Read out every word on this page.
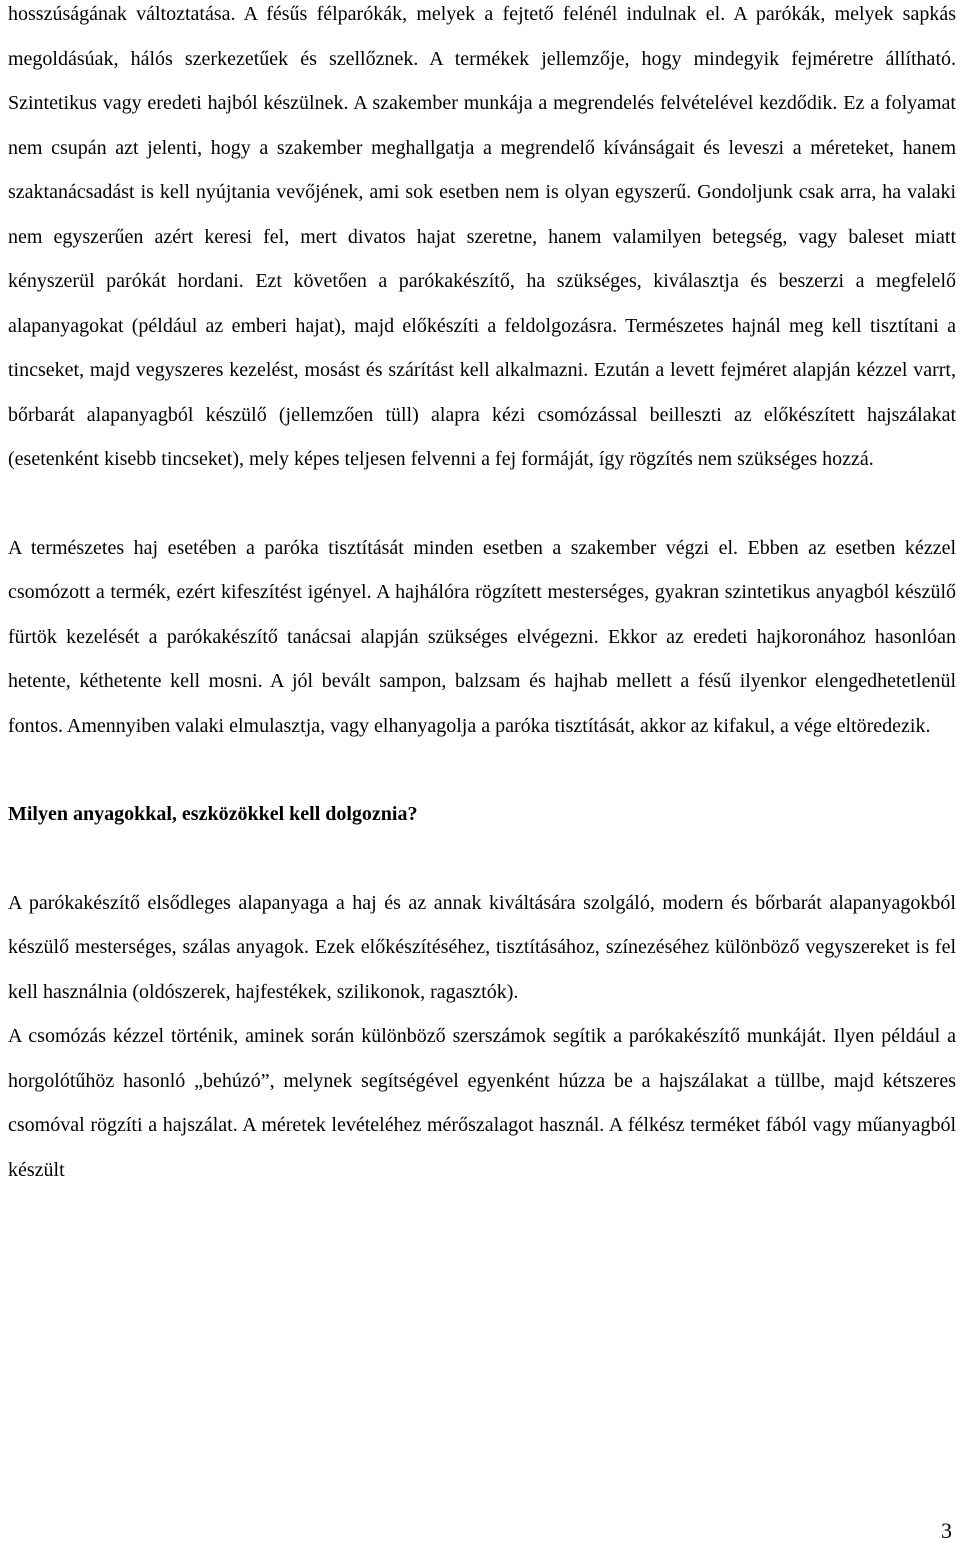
hosszúságának változtatása. A fésűs félparókák, melyek a fejtető felénél indulnak el. A parókák, melyek sapkás megoldásúak, hálós szerkezetűek és szellőznek. A termékek jellemzője, hogy mindegyik fejméretre állítható. Szintetikus vagy eredeti hajból készülnek. A szakember munkája a megrendelés felvételével kezdődik. Ez a folyamat nem csupán azt jelenti, hogy a szakember meghallgatja a megrendelő kívánságait és leveszi a méreteket, hanem szaktanácsadást is kell nyújtania vevőjének, ami sok esetben nem is olyan egyszerű. Gondoljunk csak arra, ha valaki nem egyszerűen azért keresi fel, mert divatos hajat szeretne, hanem valamilyen betegség, vagy baleset miatt kényszerül parókát hordani. Ezt követően a parókakészítő, ha szükséges, kiválasztja és beszerzi a megfelelő alapanyagokat (például az emberi hajat), majd előkészíti a feldolgozásra. Természetes hajnál meg kell tisztítani a tincseket, majd vegyszeres kezelést, mosást és szárítást kell alkalmazni. Ezután a levett fejméret alapján kézzel varrt, bőrbarát alapanyagból készülő (jellemzően tüll) alapra kézi csomózással beilleszti az előkészített hajszálakat (esetenként kisebb tincseket), mely képes teljesen felvenni a fej formáját, így rögzítés nem szükséges hozzá.

A természetes haj esetében a paróka tisztítását minden esetben a szakember végzi el. Ebben az esetben kézzel csomózott a termék, ezért kifeszítést igényel. A hajhálóra rögzített mesterséges, gyakran szintetikus anyagból készülő fürtök kezelését a parókakészítő tanácsai alapján szükséges elvégezni. Ekkor az eredeti hajkoronához hasonlóan hetente, kéthetente kell mosni. A jól bevált sampon, balzsam és hajhab mellett a fésű ilyenkor elengedhetetlenül fontos. Amennyiben valaki elmulasztja, vagy elhanyagolja a paróka tisztítását, akkor az kifakul, a vége eltöredezik.

Milyen anyagokkal, eszközökkel kell dolgoznia?

A parókakészítő elsődleges alapanyaga a haj és az annak kiváltására szolgáló, modern és bőrbarát alapanyagokból készülő mesterséges, szálas anyagok. Ezek előkészítéséhez, tisztításához, színezéséhez különböző vegyszereket is fel kell használnia (oldószerek, hajfestékek, szilikonok, ragasztók).

A csomózás kézzel történik, aminek során különböző szerszámok segítik a parókakészítő munkáját. Ilyen például a horgolótűhöz hasonló „behúzó”, melynek segítségével egyenként húzza be a hajszálakat a tüllbe, majd kétszeres csomóval rögzíti a hajszálat. A méretek levételéhez mérőszalagot használ. A félkész terméket fából vagy műanyagból készült

3
